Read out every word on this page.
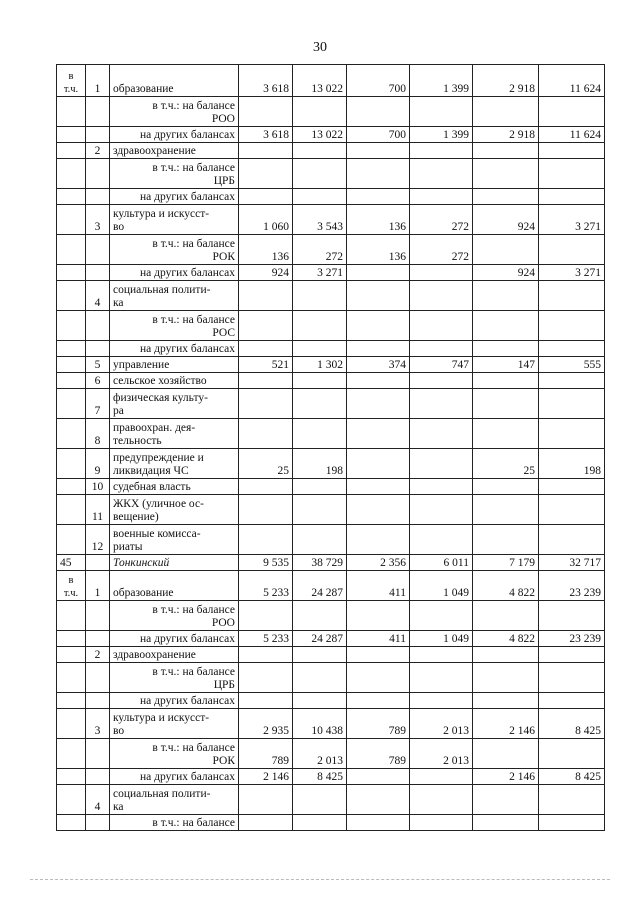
30
в
т.ч.	1	образование	3 618	13 022	700	1 399	2 918	11 624
		в т.ч.: на балансе
РОО						
		на других балансах	3 618	13 022	700	1 399	2 918	11 624
	2	здравоохранение						
		в т.ч.: на балансе
ЦРБ						
		на других балансах						
	3	культура и искусст-
во	1 060	3 543	136	272	924	3 271
		в т.ч.: на балансе
РОК	136	272	136	272		
		на других балансах	924	3 271			924	3 271
	4	социальная полити-
ка						
		в т.ч.: на балансе
РОС						
		на других балансах						
	5	управление	521	1 302	374	747	147	555
	6	сельское хозяйство						
	7	физическая культу-
ра						
	8	правоохран. дея-
тельность						
	9	предупреждение и
ликвидация ЧС	25	198			25	198
	10	судебная власть						
	11	ЖКХ (уличное ос-
вещение)						
	12	военные комисса-
риаты						
45		Тонкинский	9 535	38 729	2 356	6 011	7 179	32 717
в
т.ч.	1	образование	5 233	24 287	411	1 049	4 822	23 239
		в т.ч.: на балансе
РОО						
		на других балансах	5 233	24 287	411	1 049	4 822	23 239
	2	здравоохранение						
		в т.ч.: на балансе
ЦРБ						
		на других балансах						
	3	культура и искусст-
во	2 935	10 438	789	2 013	2 146	8 425
		в т.ч.: на балансе
РОК	789	2 013	789	2 013		
		на других балансах	2 146	8 425			2 146	8 425
	4	социальная полити-
ка						
		в т.ч.: на балансе						
